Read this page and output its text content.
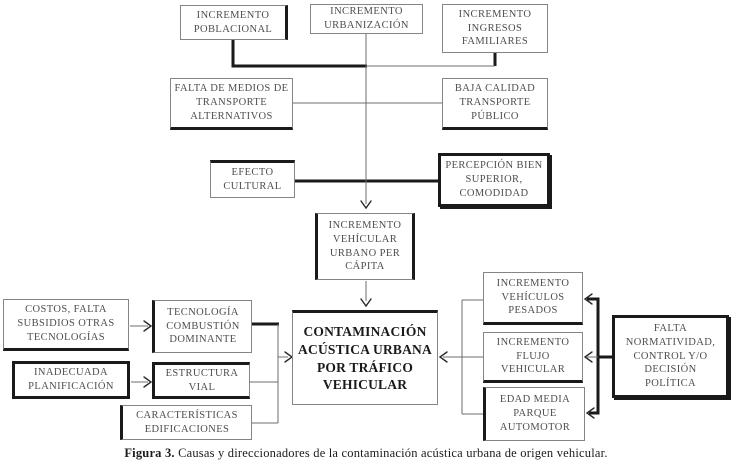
INCREMENTO POBLACIONAL
INCREMENTO URBANIZACIÓN
INCREMENTO INGRESOS FAMILIARES
FALTA DE MEDIOS DE TRANSPORTE ALTERNATIVOS
BAJA CALIDAD TRANSPORTE PÚBLICO
EFECTO CULTURAL
PERCEPCIÓN BIEN SUPERIOR, COMODIDAD
INCREMENTO VEHÍCULAR URBANO PER CÁPITA
CONTAMINACIÓN ACÚSTICA URBANA POR TRÁFICO VEHICULAR
COSTOS, FALTA SUBSIDIOS OTRAS TECNOLOGÍAS
TECNOLOGÍA COMBUSTIÓN DOMINANTE
INADECUADA PLANIFICACIÓN
ESTRUCTURA VIAL
CARACTERÍSTICAS EDIFICACIONES
INCREMENTO VEHÍCULOS PESADOS
INCREMENTO FLUJO VEHICULAR
EDAD MEDIA PARQUE AUTOMOTOR
FALTA NORMATIVIDAD, CONTROL Y/O DECISIÓN POLÍTICA
Figura 3. Causas y direccionadores de la contaminación acústica urbana de origen vehicular.
